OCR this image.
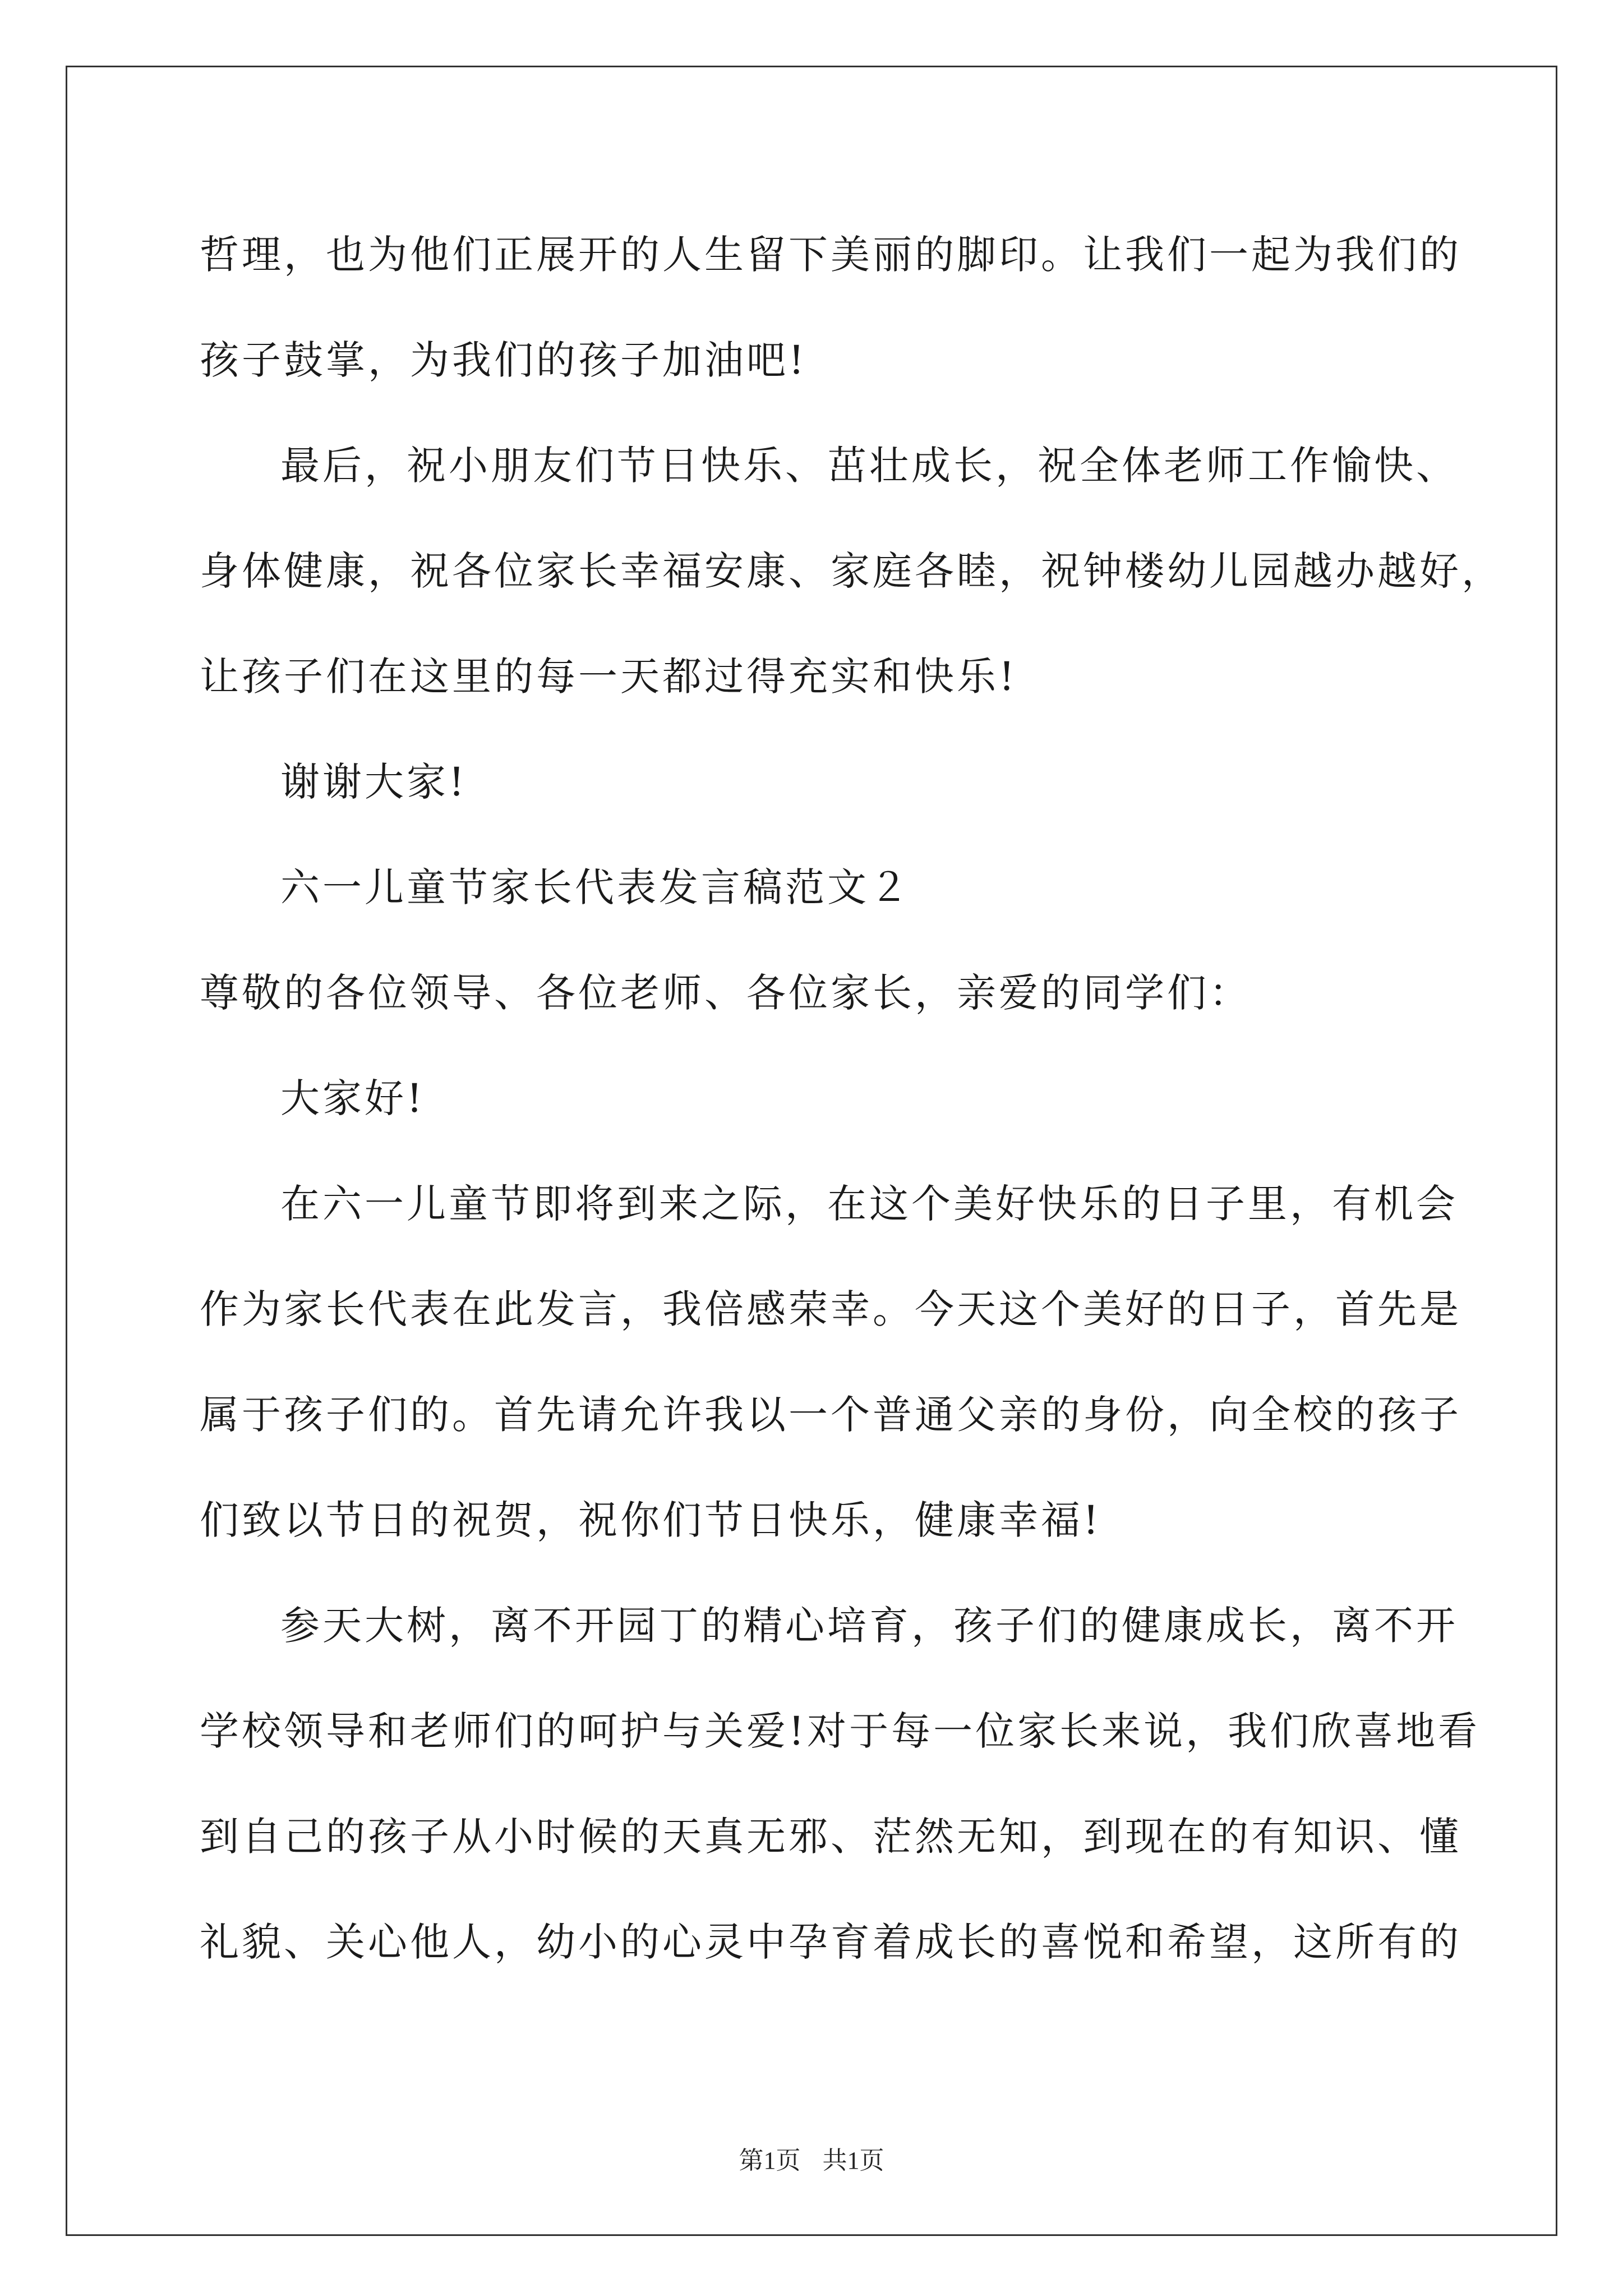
哲理，也为他们正展开的人生留下美丽的脚印。让我们一起为我们的
孩子鼓掌，为我们的孩子加油吧!
最后，祝小朋友们节日快乐、茁壮成长，祝全体老师工作愉快、
身体健康，祝各位家长幸福安康、家庭各睦，祝钟楼幼儿园越办越好，
让孩子们在这里的每一天都过得充实和快乐!
谢谢大家!
六一儿童节家长代表发言稿范文２
尊敬的各位领导、各位老师、各位家长，亲爱的同学们：
大家好!
在六一儿童节即将到来之际，在这个美好快乐的日子里，有机会
作为家长代表在此发言，我倍感荣幸。今天这个美好的日子，首先是
属于孩子们的。首先请允许我以一个普通父亲的身份，向全校的孩子
们致以节日的祝贺，祝你们节日快乐，健康幸福!
参天大树，离不开园丁的精心培育，孩子们的健康成长，离不开
学校领导和老师们的呵护与关爱!对于每一位家长来说，我们欣喜地看
到自己的孩子从小时候的天真无邪、茫然无知，到现在的有知识、懂
礼貌、关心他人，幼小的心灵中孕育着成长的喜悦和希望，这所有的
第1页 共1页
